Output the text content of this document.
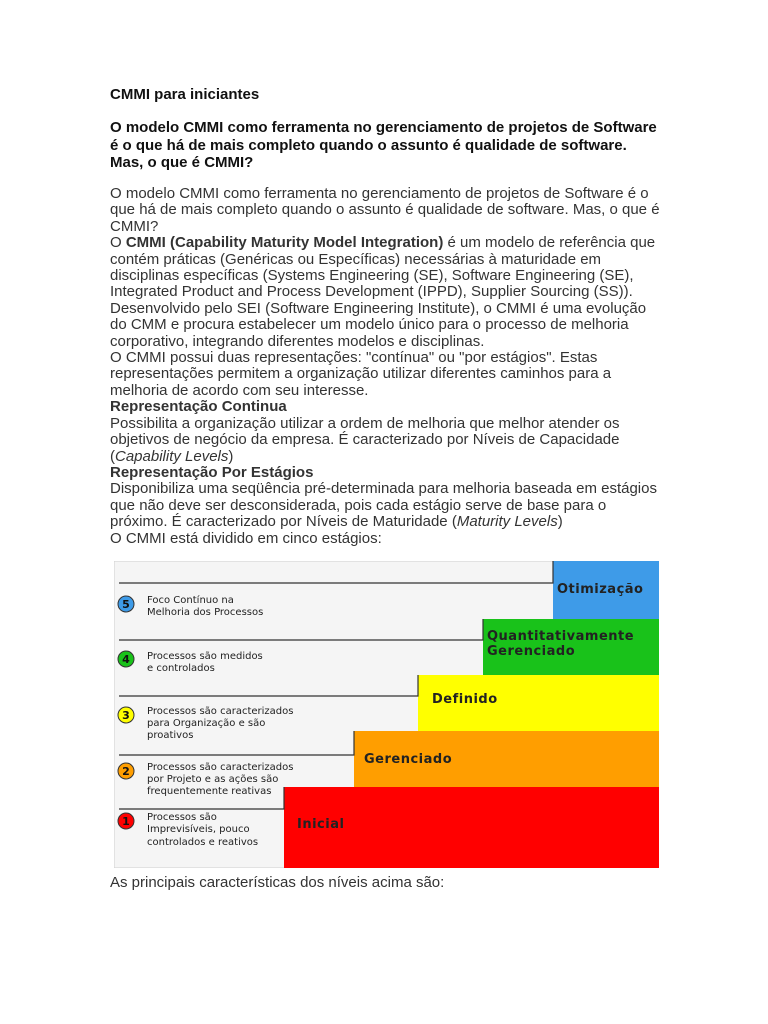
CMMI para iniciantes
O modelo CMMI como ferramenta no gerenciamento de projetos de Software é o que há de mais completo quando o assunto é qualidade de software. Mas, o que é CMMI?

O modelo CMMI como ferramenta no gerenciamento de projetos de Software é o que há de mais completo quando o assunto é qualidade de software. Mas, o que é CMMI?

O CMMI (Capability Maturity Model Integration) é um modelo de referência que contém práticas (Genéricas ou Específicas) necessárias à maturidade em disciplinas específicas (Systems Engineering (SE), Software Engineering (SE), Integrated Product and Process Development (IPPD), Supplier Sourcing (SS)). Desenvolvido pelo SEI (Software Engineering Institute), o CMMI é uma evolução do CMM e procura estabelecer um modelo único para o processo de melhoria corporativo, integrando diferentes modelos e disciplinas.

O CMMI possui duas representações: "contínua" ou "por estágios". Estas representações permitem a organização utilizar diferentes caminhos para a melhoria de acordo com seu interesse.

Representação Continua

Possibilita a organização utilizar a ordem de melhoria que melhor atender os objetivos de negócio da empresa. É caracterizado por Níveis de Capacidade (Capability Levels)

Representação Por Estágios

Disponibiliza uma seqüência pré-determinada para melhoria baseada em estágios que não deve ser desconsiderada, pois cada estágio serve de base para o próximo. É caracterizado por Níveis de Maturidade (Maturity Levels)

O CMMI está dividido em cinco estágios:

Otimização
Quantitativamente
Gerenciado
Definido
Gerenciado
Inicial
5
4
3
2
1
Foco Contínuo na
Melhoria dos Processos
Processos são medidos
e controlados
Processos são caracterizados
para Organização e são
proativos
Processos são caracterizados
por Projeto e as ações são
frequentemente reativas
Processos são
Imprevisíveis, pouco
controlados e reativos

As principais características dos níveis acima são:
